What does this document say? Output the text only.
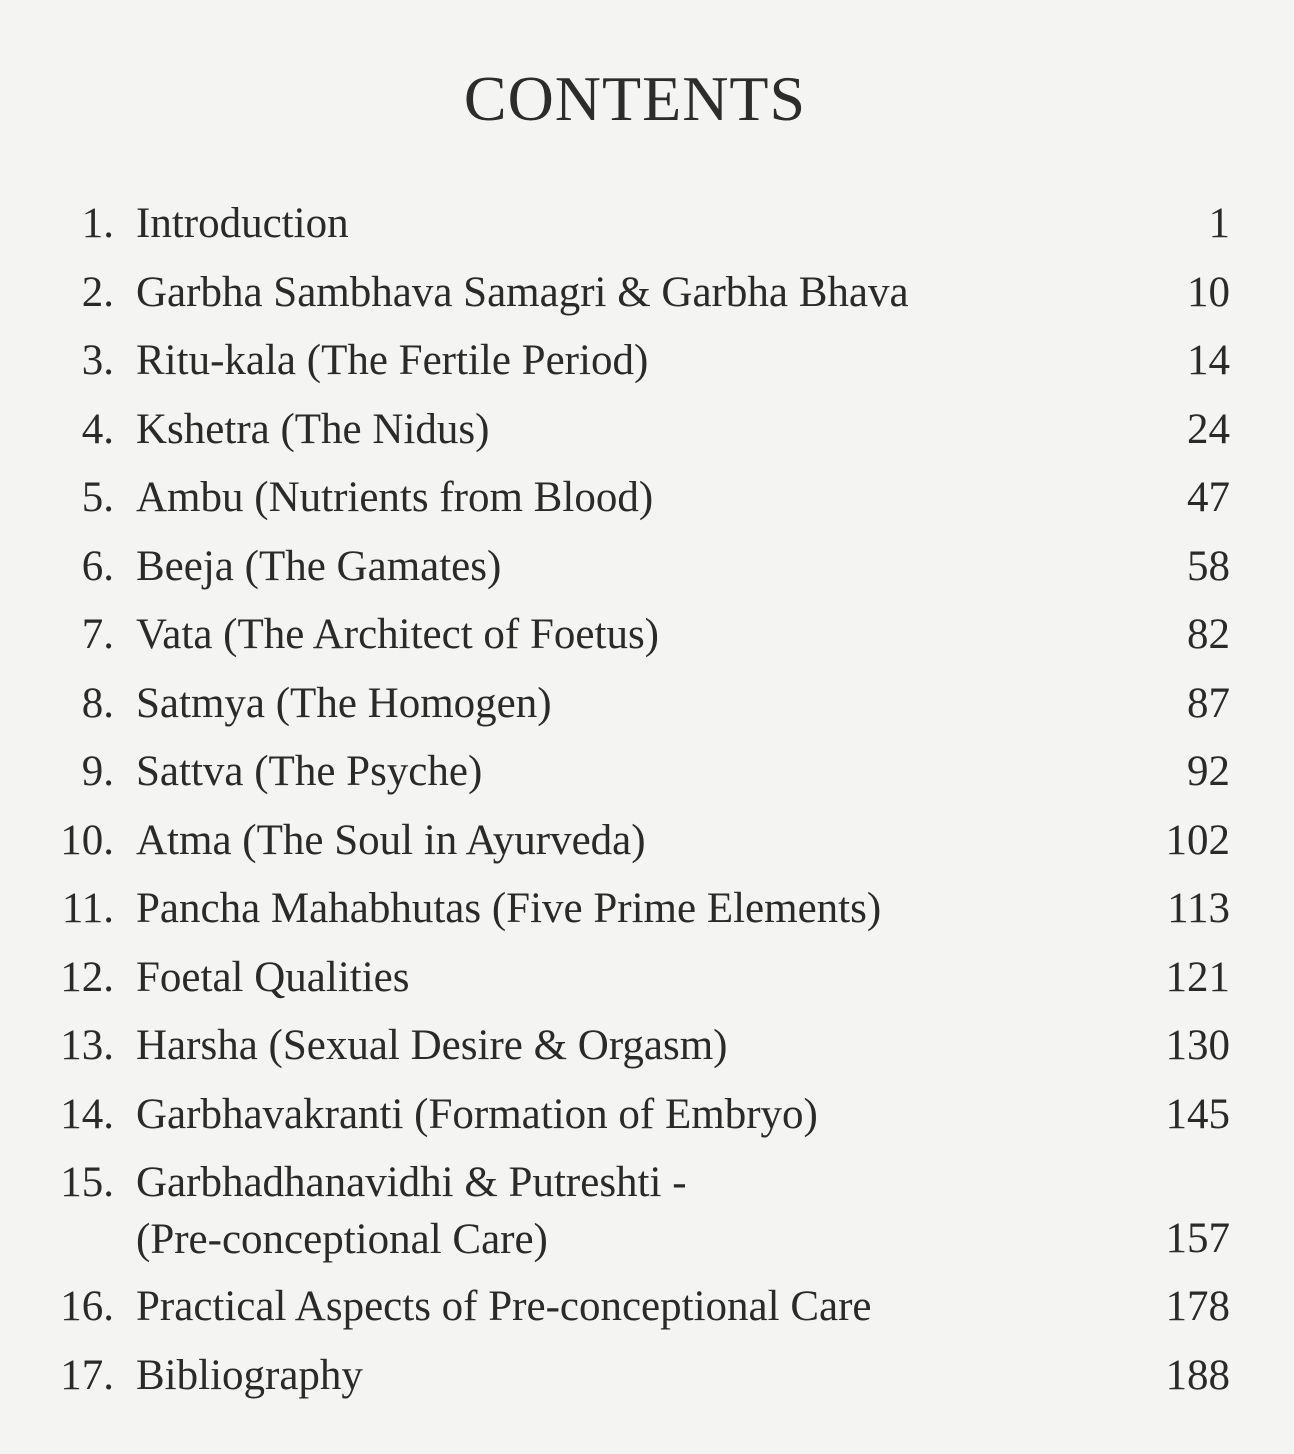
CONTENTS
1. Introduction	1
2. Garbha Sambhava Samagri & Garbha Bhava	10
3. Ritu-kala (The Fertile Period)	14
4. Kshetra (The Nidus)	24
5. Ambu (Nutrients from Blood)	47
6. Beeja (The Gamates)	58
7. Vata (The Architect of Foetus)	82
8. Satmya (The Homogen)	87
9. Sattva (The Psyche)	92
10. Atma (The Soul in Ayurveda)	102
11. Pancha Mahabhutas (Five Prime Elements)	113
12. Foetal Qualities	121
13. Harsha (Sexual Desire & Orgasm)	130
14. Garbhavakranti (Formation of Embryo)	145
15. Garbhadhanavidhi & Putreshti -
(Pre-conceptional Care)	157
16. Practical Aspects of Pre-conceptional Care	178
17. Bibliography	188
